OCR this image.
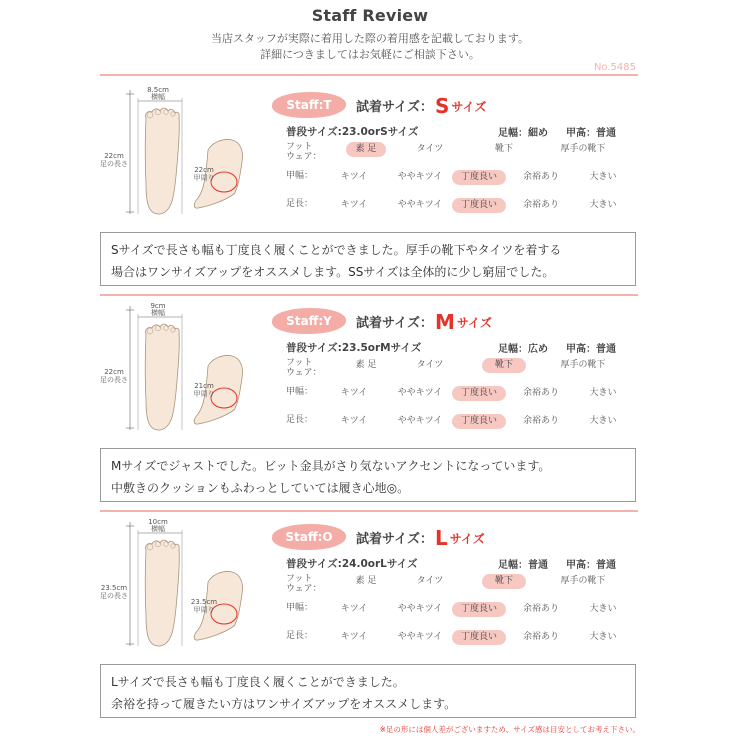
Staff Review
当店スタッフが実際に着用した際の着用感を記載しております。
詳細につきましてはお気軽にご相談下さい。
No.5485
8.5cm
横幅
22cm
足の長さ
22cm
甲周り
Staff:T	試着サイズ： S サイズ
普段サイズ:23.0orSサイズ	足幅：細め 甲高：普通
フット
ウェア：
素 足	タイツ	靴下	厚手の靴下
甲幅：	キツイ	ややキツイ	丁度良い	余裕あり	大きい
足長：	キツイ	ややキツイ	丁度良い	余裕あり	大きい
Sサイズで長さも幅も丁度良く履くことができました。厚手の靴下やタイツを着する
場合はワンサイズアップをオススメします。SSサイズは全体的に少し窮屈でした。
9cm
横幅
22cm
足の長さ
21cm
甲周り
Staff:Y	試着サイズ： M サイズ
普段サイズ:23.5orMサイズ	足幅：広め 甲高：普通
フット
ウェア：
素 足	タイツ	靴下	厚手の靴下
甲幅：	キツイ	ややキツイ	丁度良い	余裕あり	大きい
足長：	キツイ	ややキツイ	丁度良い	余裕あり	大きい
Mサイズでジャストでした。ビット金具がさり気ないアクセントになっています。
中敷きのクッションもふわっとしていては履き心地◎。
10cm
横幅
23.5cm
足の長さ
23.5cm
甲周り
Staff:O	試着サイズ： L サイズ
普段サイズ:24.0orLサイズ	足幅：普通 甲高：普通
フット
ウェア：
素 足	タイツ	靴下	厚手の靴下
甲幅：	キツイ	ややキツイ	丁度良い	余裕あり	大きい
足長：	キツイ	ややキツイ	丁度良い	余裕あり	大きい
Lサイズで長さも幅も丁度良く履くことができました。
余裕を持って履きたい方はワンサイズアップをオススメします。
※足の形には個人差がございますため、サイズ感は目安としてお考え下さい。
